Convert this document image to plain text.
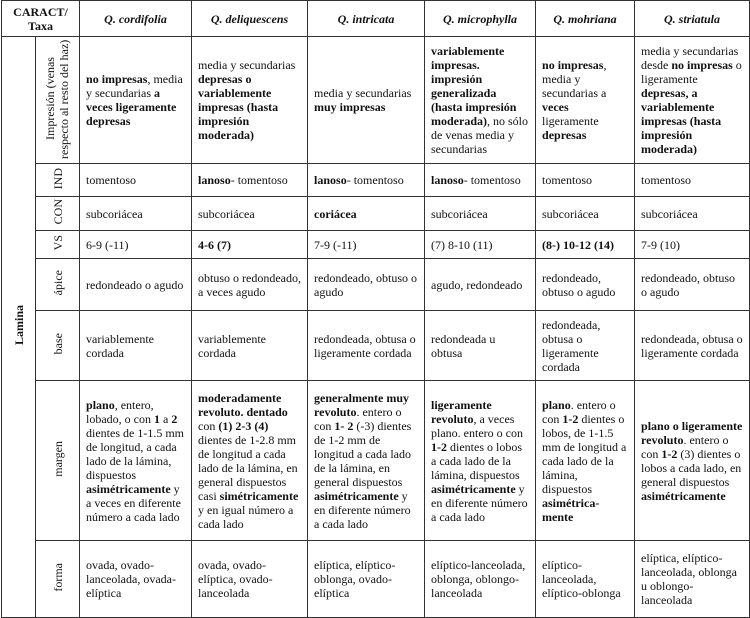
CARACT/ Taxa		Q. cordifolia	Q. deliquescens	Q. intricata	Q. microphylla	Q. mohriana	Q. striatula
Lamina	Impresión (venas respecto al resto del haz)	no impresas, media y secundarias a veces ligeramente depresas	media y secundarias depresas o variablemente impresas (hasta impresión moderada)	media y secundarias muy impresas	variablemente impresas. impresión generalizada (hasta impresión moderada), no sólo de venas media y secundarias	no impresas, media y secundarias a veces ligeramente depresas	media y secundarias desde no impresas o ligeramente depresas, a variablemente impresas (hasta impresión moderada)
	IND	tomentoso	lanoso- tomentoso	lanoso- tomentoso	lanoso- tomentoso	tomentoso	tomentoso
	CON	subcoriácea	subcoriácea	coriácea	subcoriácea	subcoriácea	subcoriácea
	VS	6-9 (-11)	4-6 (7)	7-9 (-11)	(7) 8-10 (11)	(8-) 10-12 (14)	7-9 (10)
	ápice	redondeado o agudo	obtuso o redondeado, a veces agudo	redondeado, obtuso o agudo	agudo, redondeado	redondeado, obtuso o agudo	redondeado, obtuso o agudo
	base	variablemente cordada	variablemente cordada	redondeada, obtusa o ligeramente cordada	redondeada u obtusa	redondeada, obtusa o ligeramente cordada	redondeada, obtusa o ligeramente cordada
	margen	plano, entero, lobado, o con 1 a 2 dientes de 1-1.5 mm de longitud, a cada lado de la lámina, dispuestos asimétricamente y a veces en diferente número a cada lado	moderadamente revoluto. dentado con (1) 2-3 (4) dientes de 1-2.8 mm de longitud a cada lado de la lámina, en general dispuestos casi simétricamente y en igual número a cada lado	generalmente muy revoluto. entero o con 1- 2 (-3) dientes de 1-2 mm de longitud a cada lado de la lámina, en general dispuestos asimétricamente y en diferente número a cada lado	ligeramente revoluto, a veces plano. entero o con 1-2 dientes o lobos a cada lado de la lámina, dispuestos asimétricamente y en diferente número a cada lado	plano. entero o con 1-2 dientes o lobos, de 1-1.5 mm de longitud a cada lado de la lámina, dispuestos asimétrica-mente	plano o ligeramente revoluto. entero o con 1-2 (3) dientes o lobos a cada lado, en general dispuestos asimétricamente
	forma	ovada, ovado-lanceolada, ovada-elíptica	ovada, ovado-elíptica, ovado-lanceolada	elíptica, elíptico-oblonga, ovado-elíptica	elíptico-lanceolada, oblonga, oblongo-lanceolada	elíptico-lanceolada, elíptico-oblonga	elíptica, elíptico-lanceolada, oblonga u oblongo-lanceolada
